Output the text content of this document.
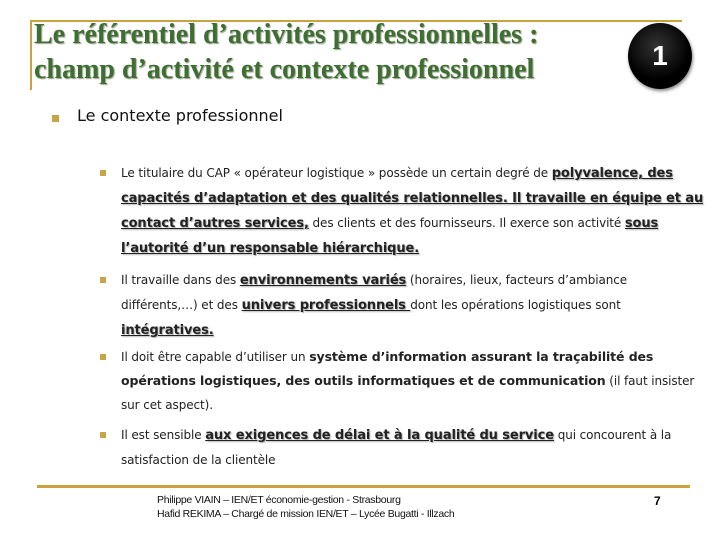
Le référentiel d’activités professionnelles :
champ d’activité et contexte professionnel	1
Le contexte professionnel
Le titulaire du CAP « opérateur logistique » possède un certain degré de polyvalence, des capacités d’adaptation et des qualités relationnelles. Il travaille en équipe et au contact d’autres services, des clients et des fournisseurs. Il exerce son activité sous l’autorité d’un responsable hiérarchique.
Il travaille dans des environnements variés (horaires, lieux, facteurs d’ambiance différents,…) et des univers professionnels dont les opérations logistiques sont intégratives.
Il doit être capable d’utiliser un système d’information assurant la traçabilité des opérations logistiques, des outils informatiques et de communication (il faut insister sur cet aspect).
Il est sensible aux exigences de délai et à la qualité du service qui concourent à la satisfaction de la clientèle
Philippe VIAIN – IEN/ET économie-gestion - Strasbourg
Hafid REKIMA – Chargé de mission IEN/ET – Lycée Bugatti - Illzach
7
